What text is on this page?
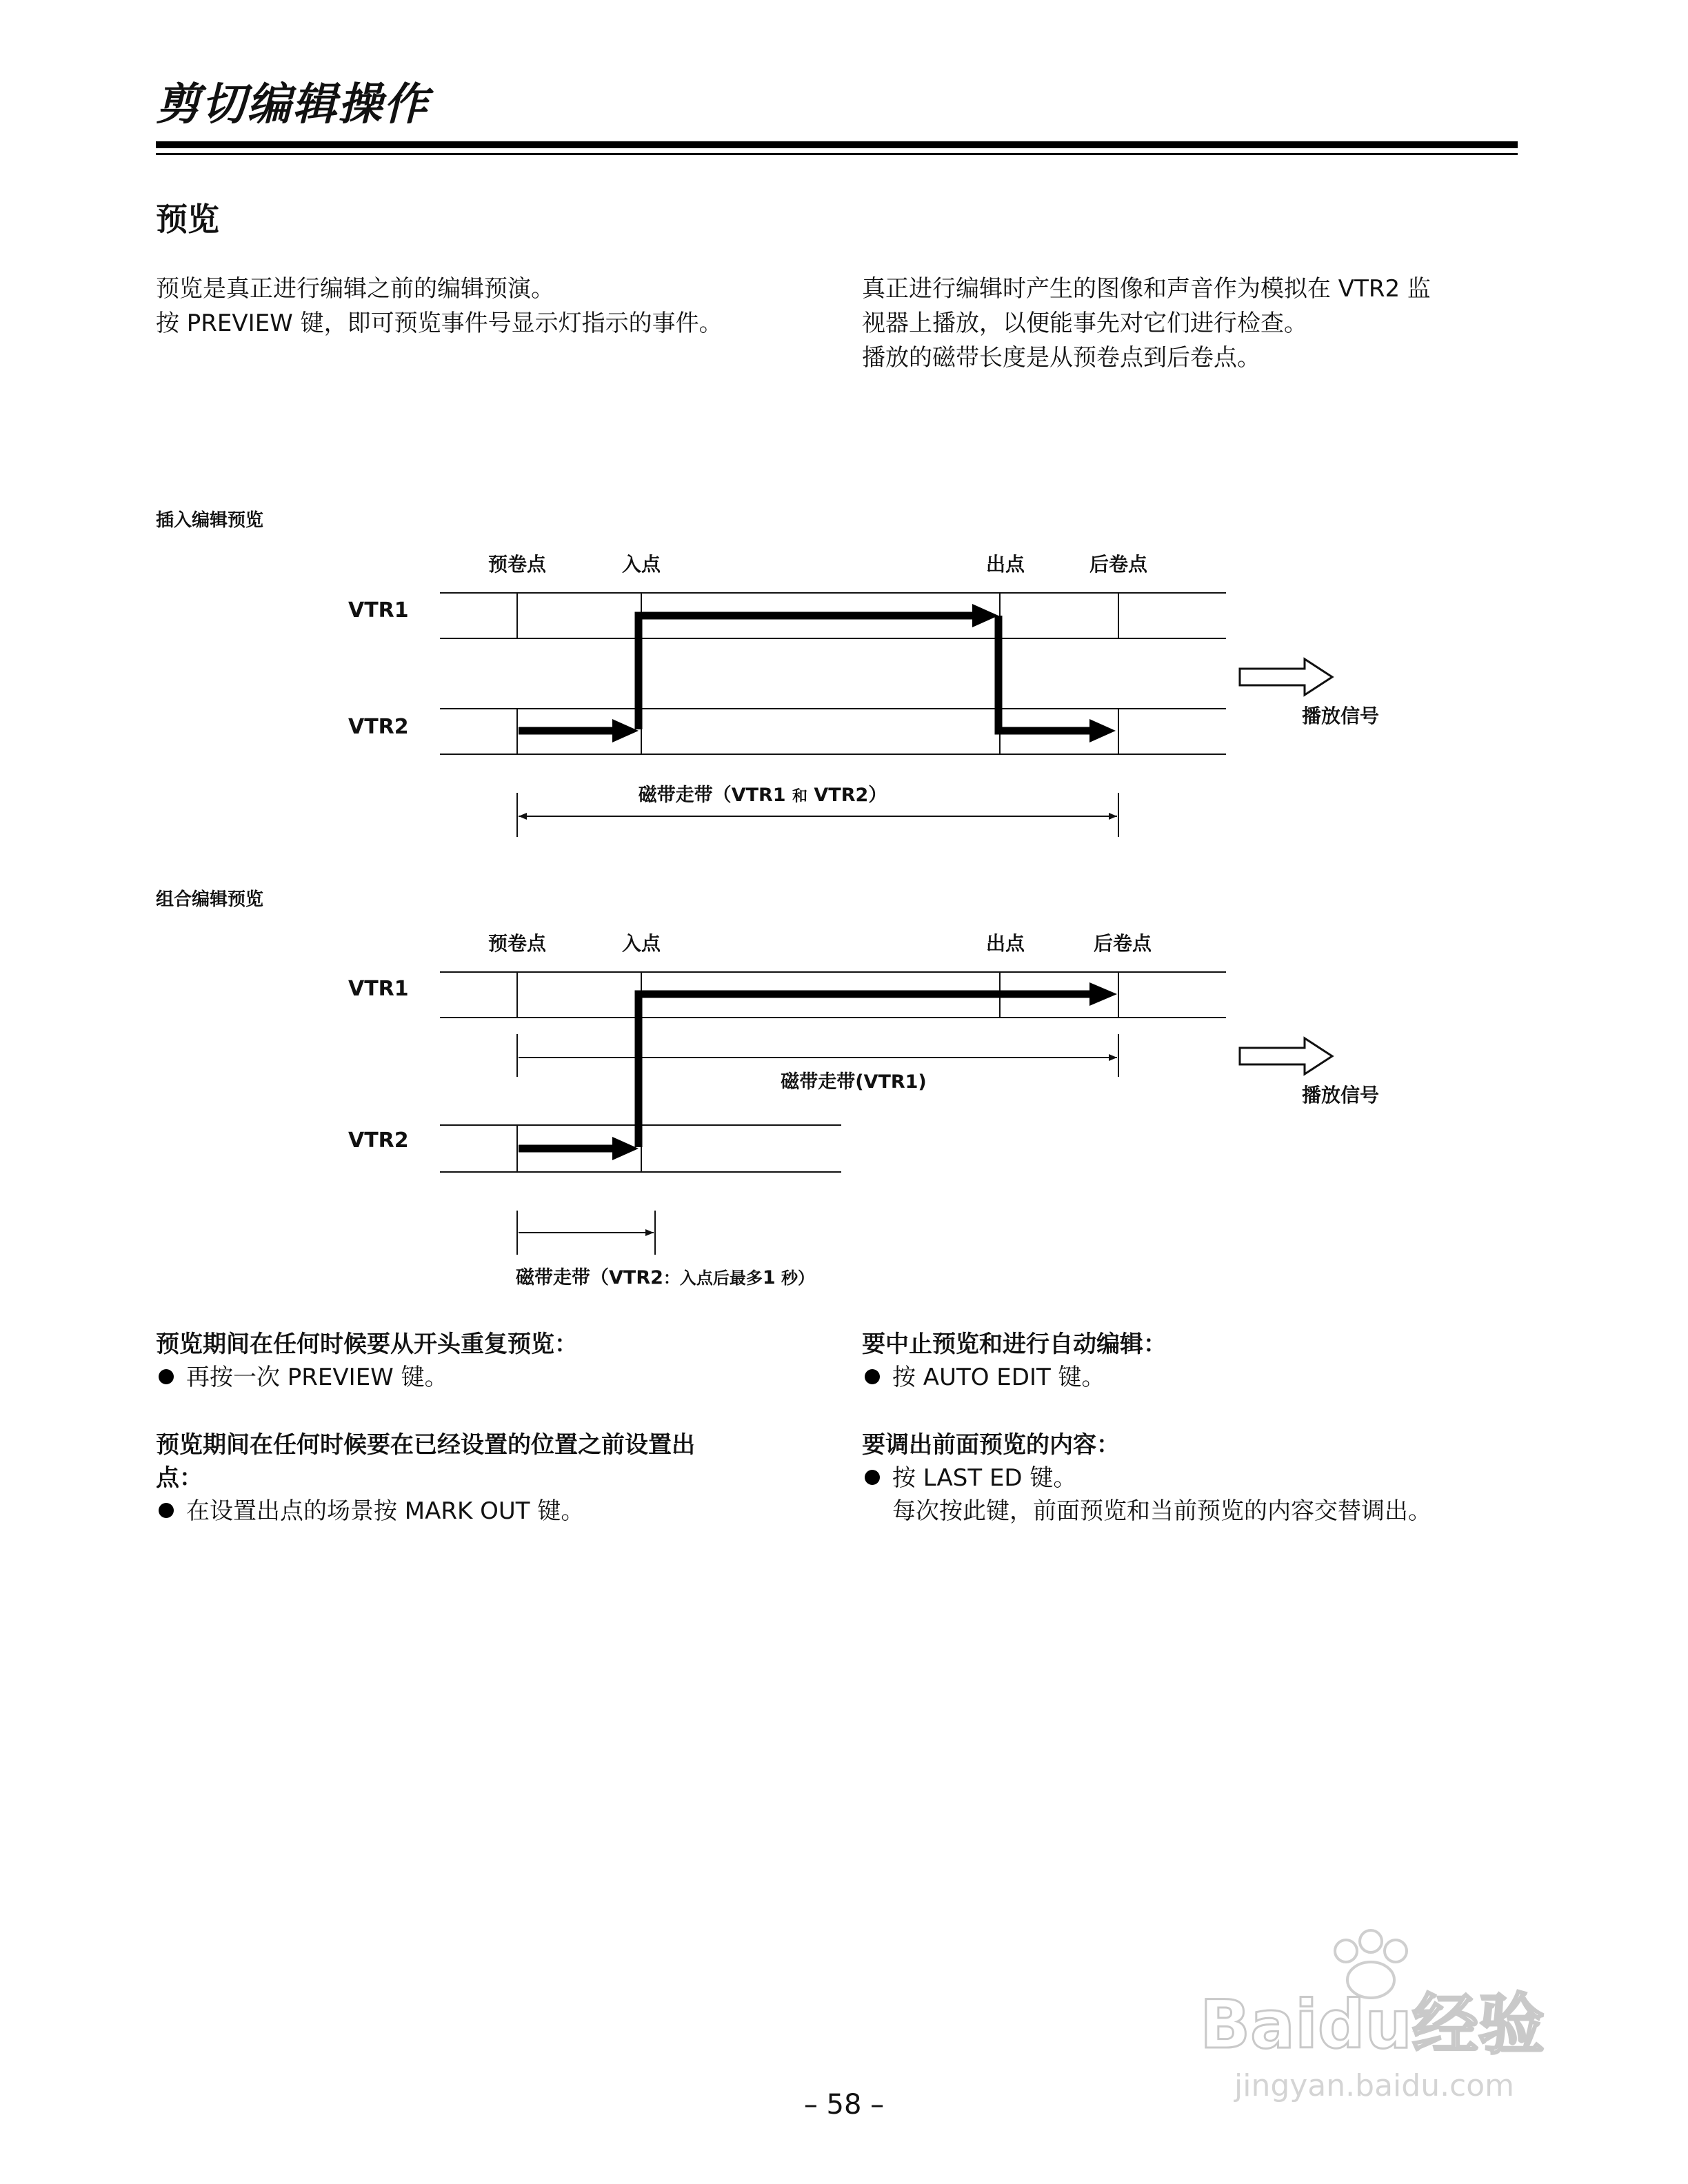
剪切编辑操作
预览

预览是真正进行编辑之前的编辑预演。

按 PREVIEW 键，即可预览事件号显示灯指示的事件。

真正进行编辑时产生的图像和声音作为模拟在 VTR2 监

视器上播放，以便能事先对它们进行检查。

播放的磁带长度是从预卷点到后卷点。

插入编辑预览
组合编辑预览
预卷点	入点	出点	后卷点
VTR1
VTR2	播放信号
磁带走带（VTR1 和 VTR2）
预卷点	入点	出点	后卷点
VTR1
VTR2
磁带走带(VTR1)
播放信号
磁带走带（VTR2：入点后最多1 秒）
预览期间在任何时候要从开头重复预览：
再按一次 PREVIEW 键。
预览期间在任何时候要在已经设置的位置之前设置出
点：
在设置出点的场景按 MARK OUT 键。
要中止预览和进行自动编辑：
按 AUTO EDIT 键。
要调出前面预览的内容：
按 LAST ED 键。
每次按此键，前面预览和当前预览的内容交替调出。
Baidu经验
jingyan.baidu.com
– 58 –
